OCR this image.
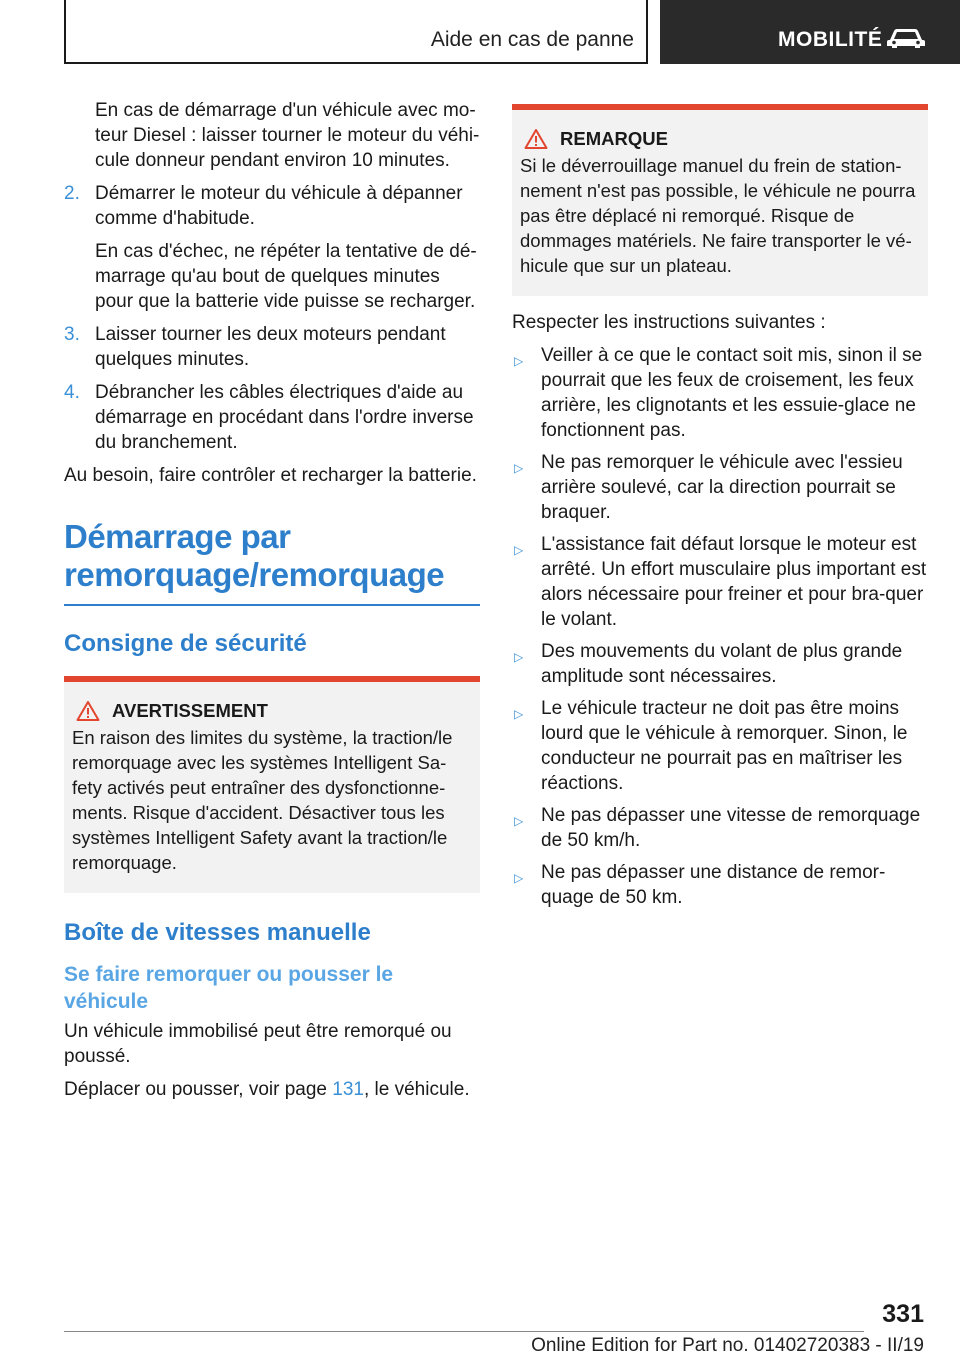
Aide en cas de panne	MOBILITÉ

En cas de démarrage d'un véhicule avec mo-teur Diesel : laisser tourner le moteur du véhi-cule donneur pendant environ 10 minutes.

2. Démarrer le moteur du véhicule à dépanner comme d'habitude.

En cas d'échec, ne répéter la tentative de dé-marrage qu'au bout de quelques minutes pour que la batterie vide puisse se recharger.

3. Laisser tourner les deux moteurs pendant quelques minutes.
4. Débrancher les câbles électriques d'aide au démarrage en procédant dans l'ordre inverse du branchement.

Au besoin, faire contrôler et recharger la batterie.

Démarrage par remorquage/remorquage
Consigne de sécurité
AVERTISSEMENT

En raison des limites du système, la traction/le remorquage avec les systèmes Intelligent Sa-fety activés peut entraîner des dysfonctionne-ments. Risque d'accident. Désactiver tous les systèmes Intelligent Safety avant la traction/le remorquage.

Boîte de vitesses manuelle
Se faire remorquer ou pousser le véhicule

Un véhicule immobilisé peut être remorqué ou poussé.

Déplacer ou pousser, voir page 131, le véhicule.

REMARQUE

Si le déverrouillage manuel du frein de station-nement n'est pas possible, le véhicule ne pourra pas être déplacé ni remorqué. Risque de dommages matériels. Ne faire transporter le vé-hicule que sur un plateau.

Respecter les instructions suivantes :

▷ Veiller à ce que le contact soit mis, sinon il se pourrait que les feux de croisement, les feux arrière, les clignotants et les essuie-glace ne fonctionnent pas.
▷ Ne pas remorquer le véhicule avec l'essieu arrière soulevé, car la direction pourrait se braquer.
▷ L'assistance fait défaut lorsque le moteur est arrêté. Un effort musculaire plus important est alors nécessaire pour freiner et pour bra-quer le volant.
▷ Des mouvements du volant de plus grande amplitude sont nécessaires.
▷ Le véhicule tracteur ne doit pas être moins lourd que le véhicule à remorquer. Sinon, le conducteur ne pourrait pas en maîtriser les réactions.
▷ Ne pas dépasser une vitesse de remorquage de 50 km/h.
▷ Ne pas dépasser une distance de remor-quage de 50 km.
331
Online Edition for Part no. 01402720383 - II/19
